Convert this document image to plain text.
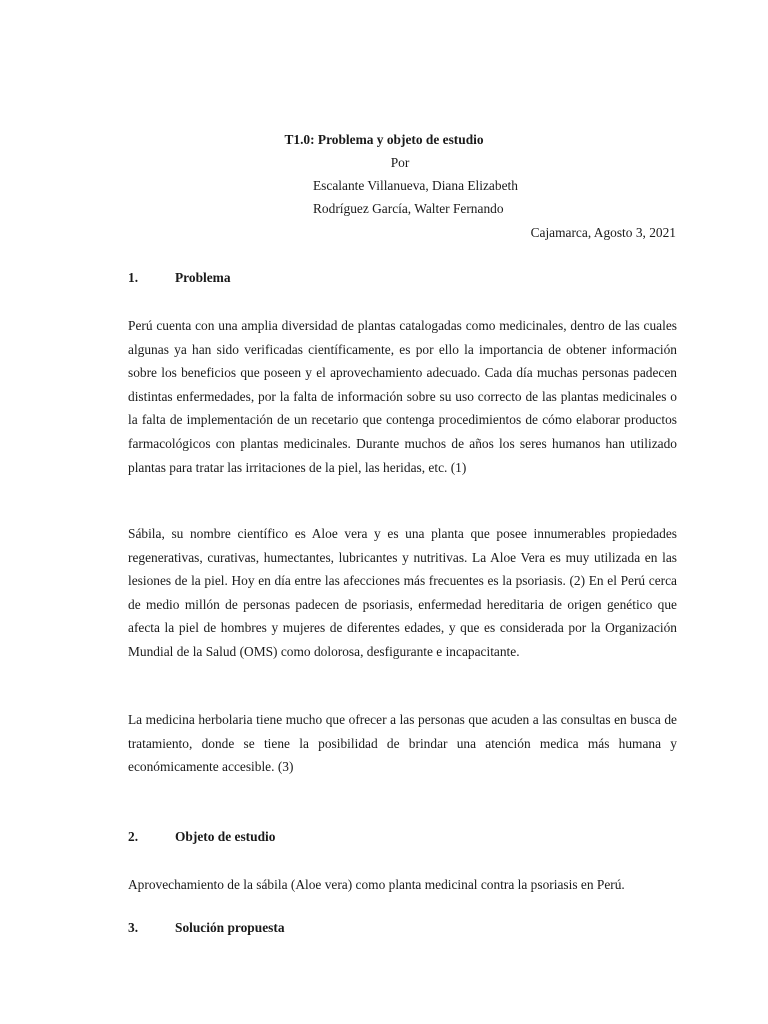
T1.0: Problema y objeto de estudio
Por
Escalante Villanueva, Diana Elizabeth
Rodríguez García, Walter Fernando
Cajamarca, Agosto 3, 2021
1.	Problema

Perú cuenta con una amplia diversidad de plantas catalogadas como medicinales, dentro de las cuales algunas ya han sido verificadas científicamente, es por ello la importancia de obtener información sobre los beneficios que poseen y el aprovechamiento adecuado. Cada día muchas personas padecen distintas enfermedades, por la falta de información sobre su uso correcto de las plantas medicinales o la falta de implementación de un recetario que contenga procedimientos de cómo elaborar productos farmacológicos con plantas medicinales. Durante muchos de años los seres humanos han utilizado plantas para tratar las irritaciones de la piel, las heridas, etc. (1)

Sábila, su nombre científico es Aloe vera y es una planta que posee innumerables propiedades regenerativas, curativas, humectantes, lubricantes y nutritivas. La Aloe Vera es muy utilizada en las lesiones de la piel. Hoy en día entre las afecciones más frecuentes es la psoriasis. (2) En el Perú cerca de medio millón de personas padecen de psoriasis, enfermedad hereditaria de origen genético que afecta la piel de hombres y mujeres de diferentes edades, y que es considerada por la Organización Mundial de la Salud (OMS) como dolorosa, desfigurante e incapacitante.

La medicina herbolaria tiene mucho que ofrecer a las personas que acuden a las consultas en busca de tratamiento, donde se tiene la posibilidad de brindar una atención medica más humana y económicamente accesible. (3)

2.	Objeto de estudio

Aprovechamiento de la sábila (Aloe vera) como planta medicinal contra la psoriasis en Perú.

3.	Solución propuesta
